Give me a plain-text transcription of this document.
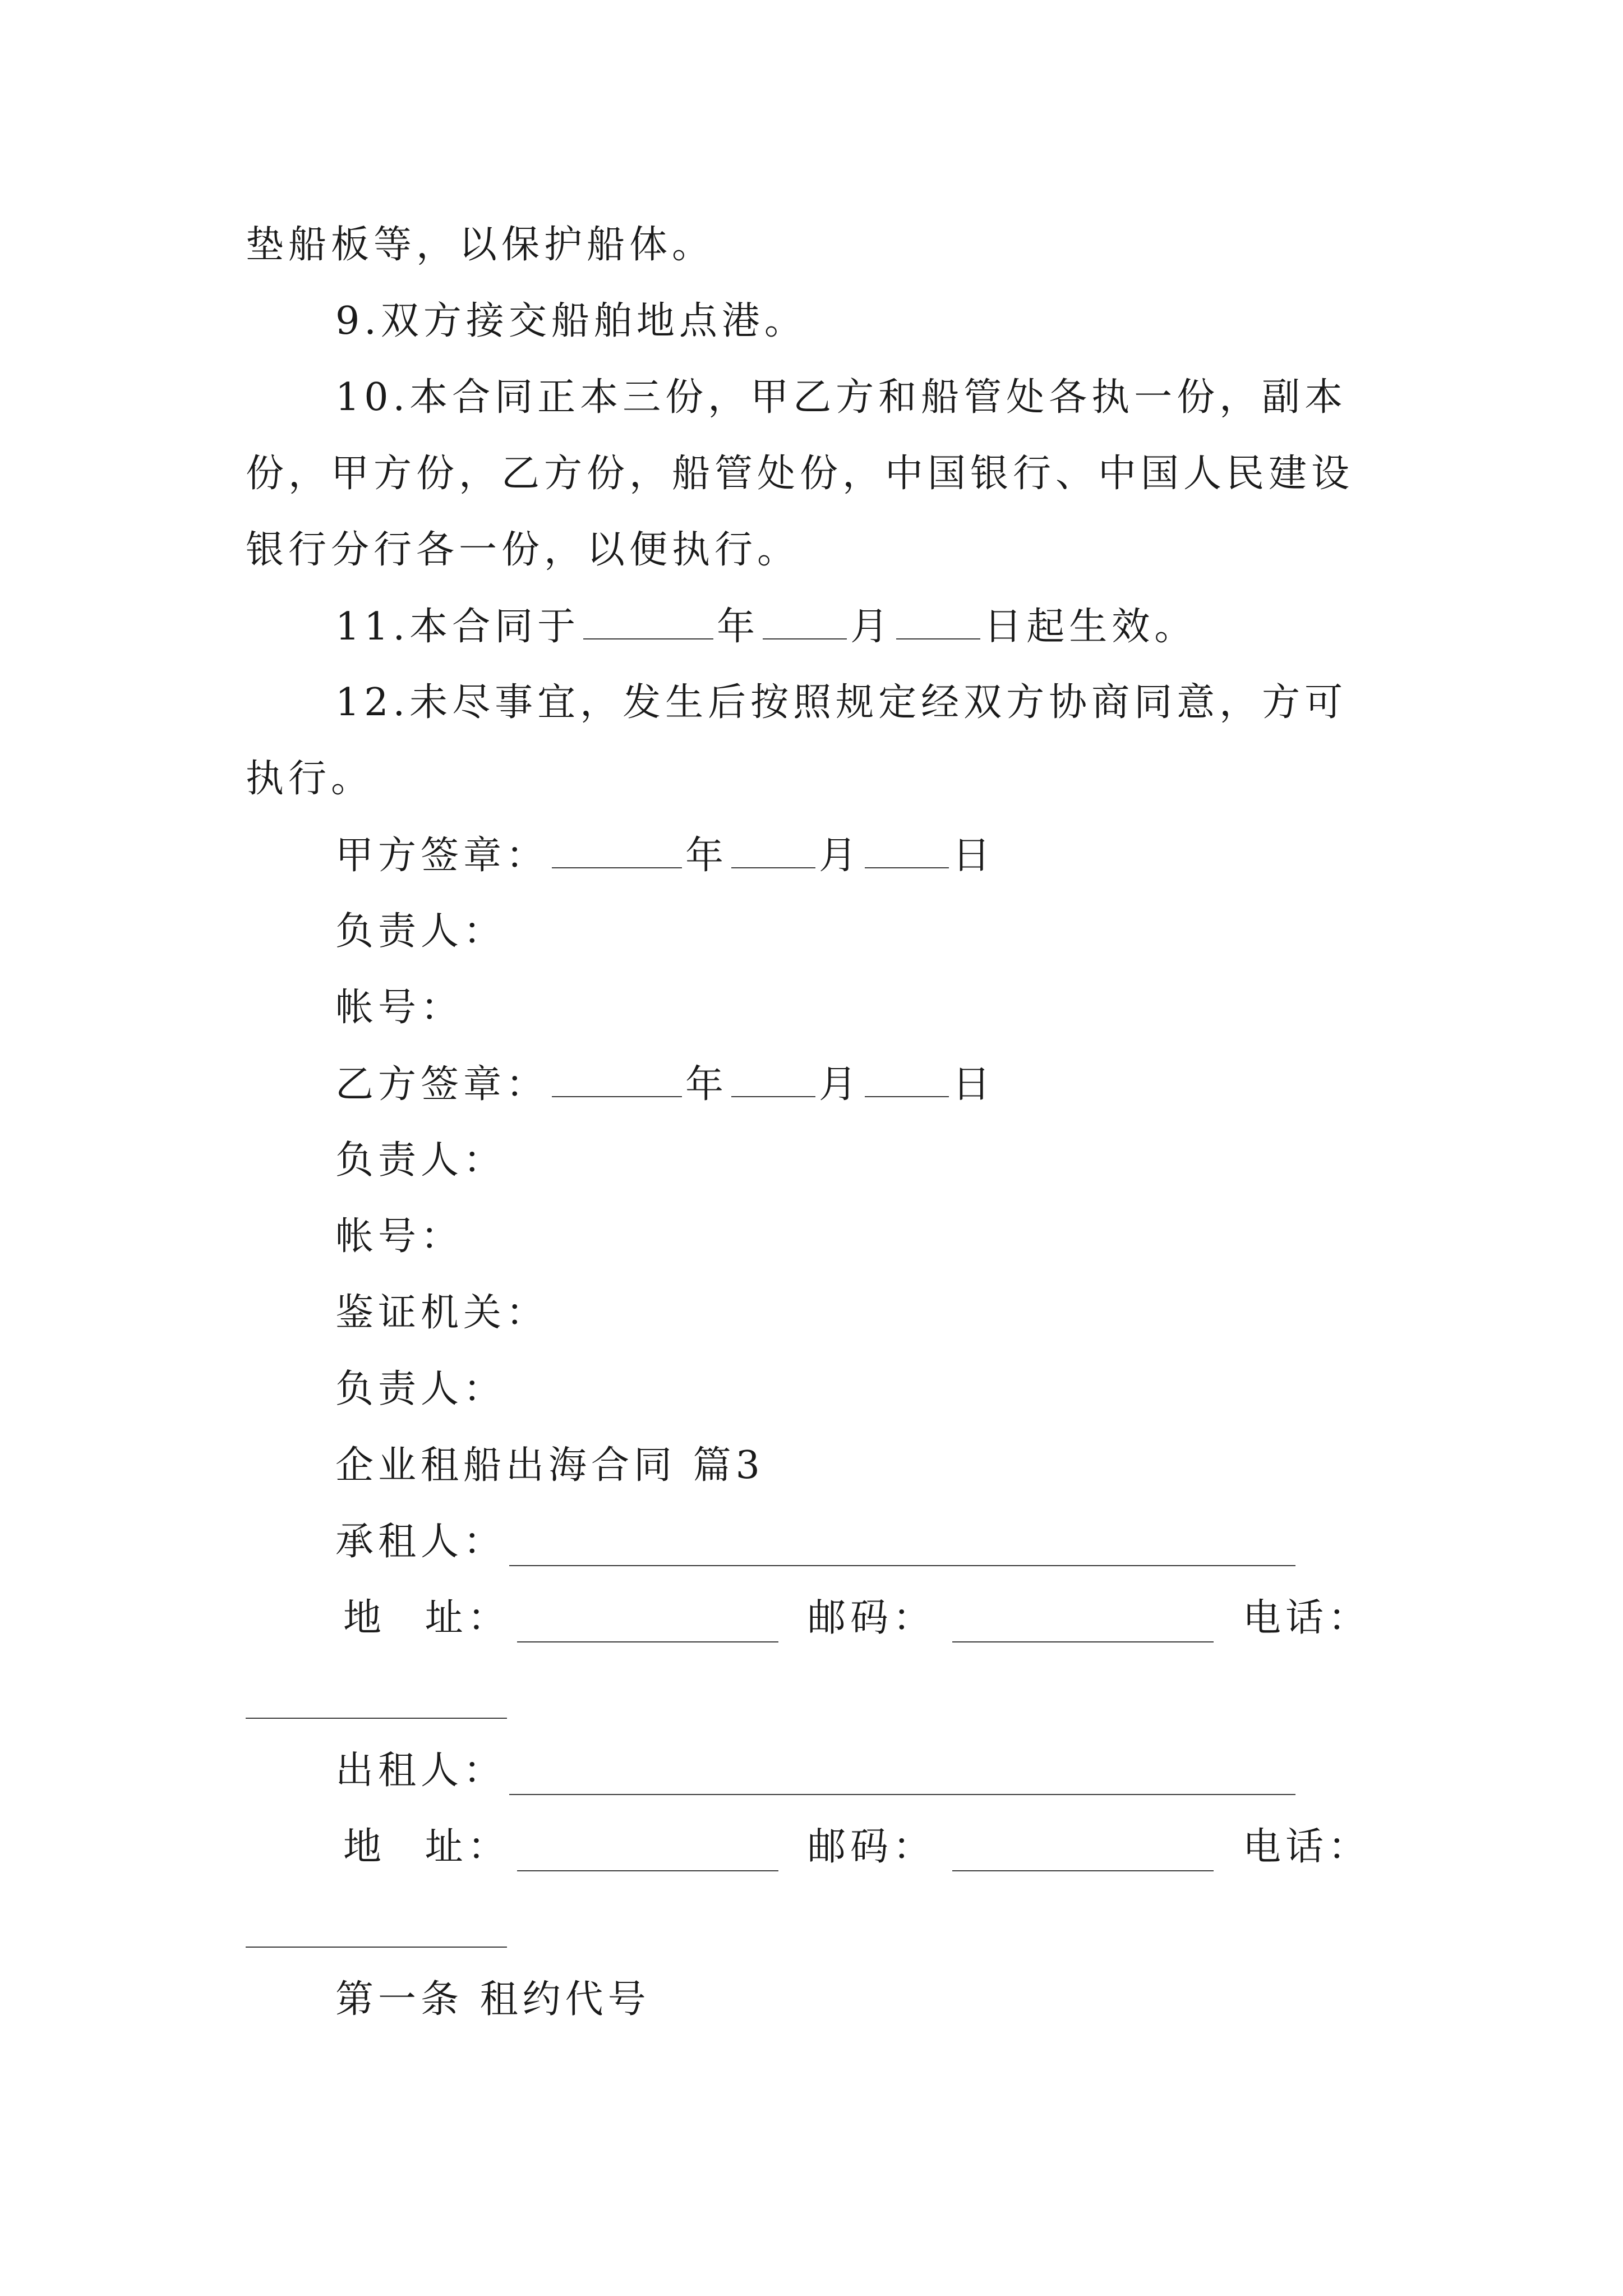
垫船板等，以保护船体。
9.双方接交船舶地点港。
10.本合同正本三份，甲乙方和船管处各执一份，副本
份，甲方份，乙方份，船管处份，中国银行、中国人民建设
银行分行各一份，以便执行。
11.本合同于	年 月 日起生效。
12.未尽事宜，发生后按照规定经双方协商同意，方可
执行。
甲方签章：	年 月 日
负责人：
帐号：
乙方签章：	年 月 日
负责人：
帐号：
鉴证机关：
负责人：
企业租船出海合同 篇3
承租人：
地 址：	邮码：	电话：
出租人：
地 址：	邮码：	电话：
第一条 租约代号
